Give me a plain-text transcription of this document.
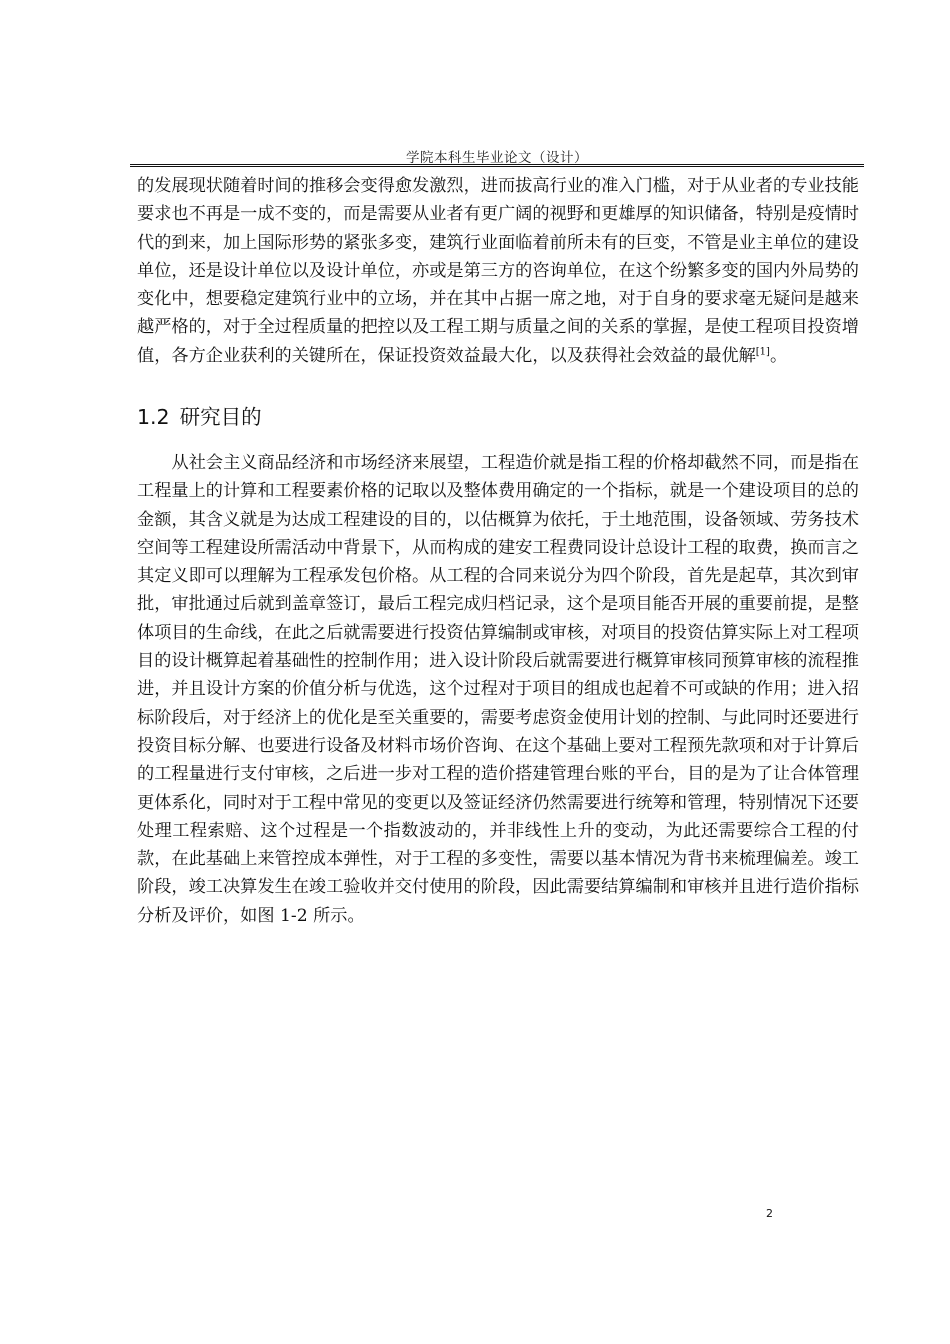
学院本科生毕业论文（设计）

的发展现状随着时间的推移会变得愈发激烈，进而拔高行业的准入门槛，对于从业者的专业技能要求也不再是一成不变的，而是需要从业者有更广阔的视野和更雄厚的知识储备，特别是疫情时代的到来，加上国际形势的紧张多变，建筑行业面临着前所未有的巨变，不管是业主单位的建设单位，还是设计单位以及设计单位，亦或是第三方的咨询单位，在这个纷繁多变的国内外局势的变化中，想要稳定建筑行业中的立场，并在其中占据一席之地，对于自身的要求毫无疑问是越来越严格的，对于全过程质量的把控以及工程工期与质量之间的关系的掌握，是使工程项目投资增值，各方企业获利的关键所在，保证投资效益最大化，以及获得社会效益的最优解[1]。

1.2 研究目的

从社会主义商品经济和市场经济来展望，工程造价就是指工程的价格却截然不同，而是指在工程量上的计算和工程要素价格的记取以及整体费用确定的一个指标，就是一个建设项目的总的金额，其含义就是为达成工程建设的目的，以估概算为依托，于土地范围，设备领域、劳务技术空间等工程建设所需活动中背景下，从而构成的建安工程费同设计总设计工程的取费，换而言之其定义即可以理解为工程承发包价格。从工程的合同来说分为四个阶段，首先是起草，其次到审批，审批通过后就到盖章签订，最后工程完成归档记录，这个是项目能否开展的重要前提，是整体项目的生命线，在此之后就需要进行投资估算编制或审核，对项目的投资估算实际上对工程项目的设计概算起着基础性的控制作用；进入设计阶段后就需要进行概算审核同预算审核的流程推进，并且设计方案的价值分析与优选，这个过程对于项目的组成也起着不可或缺的作用；进入招标阶段后，对于经济上的优化是至关重要的，需要考虑资金使用计划的控制、与此同时还要进行投资目标分解、也要进行设备及材料市场价咨询、在这个基础上要对工程预先款项和对于计算后的工程量进行支付审核，之后进一步对工程的造价搭建管理台账的平台，目的是为了让合体管理更体系化，同时对于工程中常见的变更以及签证经济仍然需要进行统筹和管理，特别情况下还要处理工程索赔、这个过程是一个指数波动的，并非线性上升的变动，为此还需要综合工程的付款，在此基础上来管控成本弹性，对于工程的多变性，需要以基本情况为背书来梳理偏差。竣工阶段，竣工决算发生在竣工验收并交付使用的阶段，因此需要结算编制和审核并且进行造价指标分析及评价，如图 1-2 所示。

2
